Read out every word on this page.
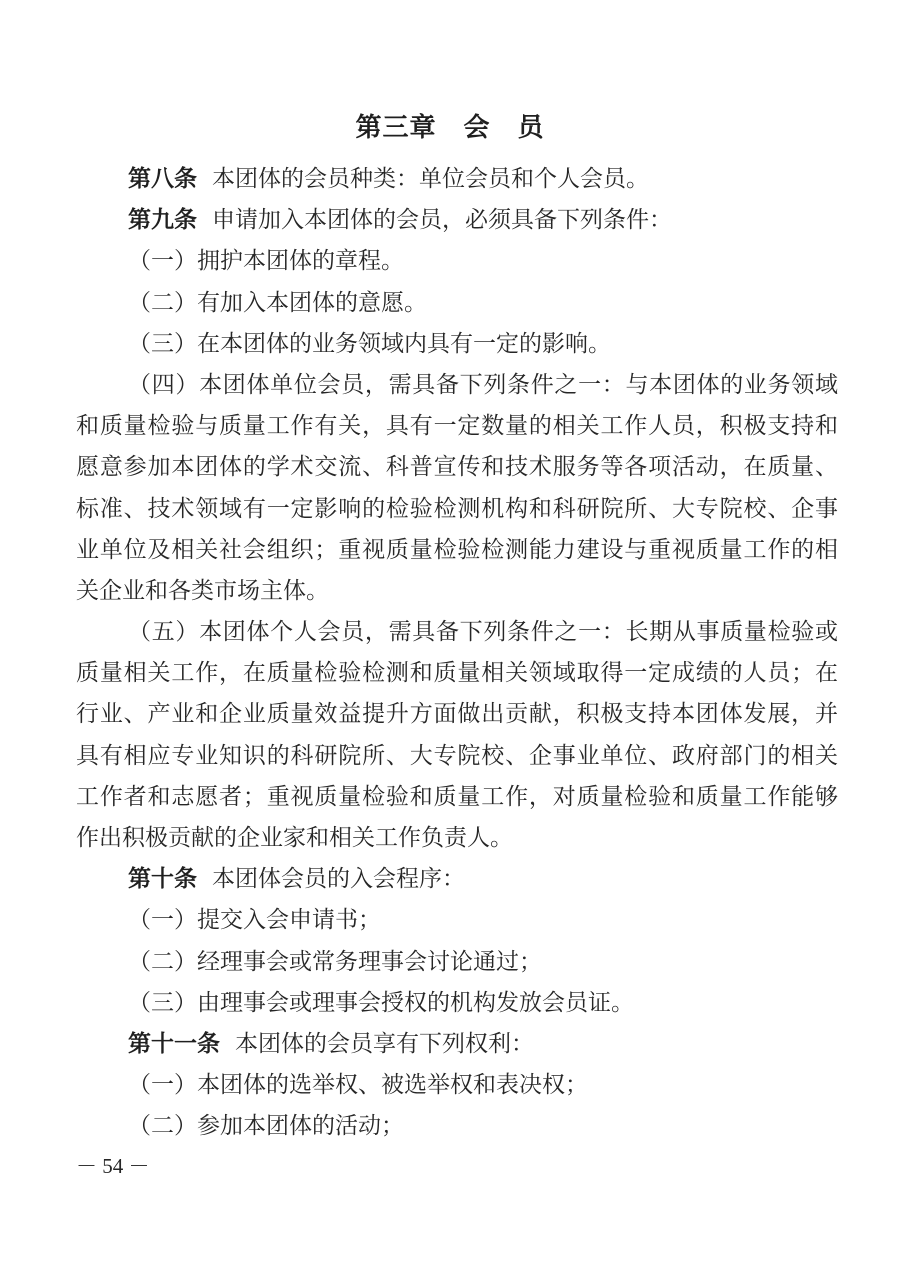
第三章　会　员
第八条 本团体的会员种类：单位会员和个人会员。
第九条 申请加入本团体的会员，必须具备下列条件：
（一）拥护本团体的章程。
（二）有加入本团体的意愿。
（三）在本团体的业务领域内具有一定的影响。
（四）本团体单位会员，需具备下列条件之一：与本团体的业务领域
和质量检验与质量工作有关，具有一定数量的相关工作人员，积极支持和
愿意参加本团体的学术交流、科普宣传和技术服务等各项活动，在质量、
标准、技术领域有一定影响的检验检测机构和科研院所、大专院校、企事
业单位及相关社会组织；重视质量检验检测能力建设与重视质量工作的相
关企业和各类市场主体。
（五）本团体个人会员，需具备下列条件之一：长期从事质量检验或
质量相关工作，在质量检验检测和质量相关领域取得一定成绩的人员；在
行业、产业和企业质量效益提升方面做出贡献，积极支持本团体发展，并
具有相应专业知识的科研院所、大专院校、企事业单位、政府部门的相关
工作者和志愿者；重视质量检验和质量工作，对质量检验和质量工作能够
作出积极贡献的企业家和相关工作负责人。
第十条 本团体会员的入会程序：
（一）提交入会申请书；
（二）经理事会或常务理事会讨论通过；
（三）由理事会或理事会授权的机构发放会员证。
第十一条 本团体的会员享有下列权利：
（一）本团体的选举权、被选举权和表决权；
（二）参加本团体的活动；
－ 54 －
